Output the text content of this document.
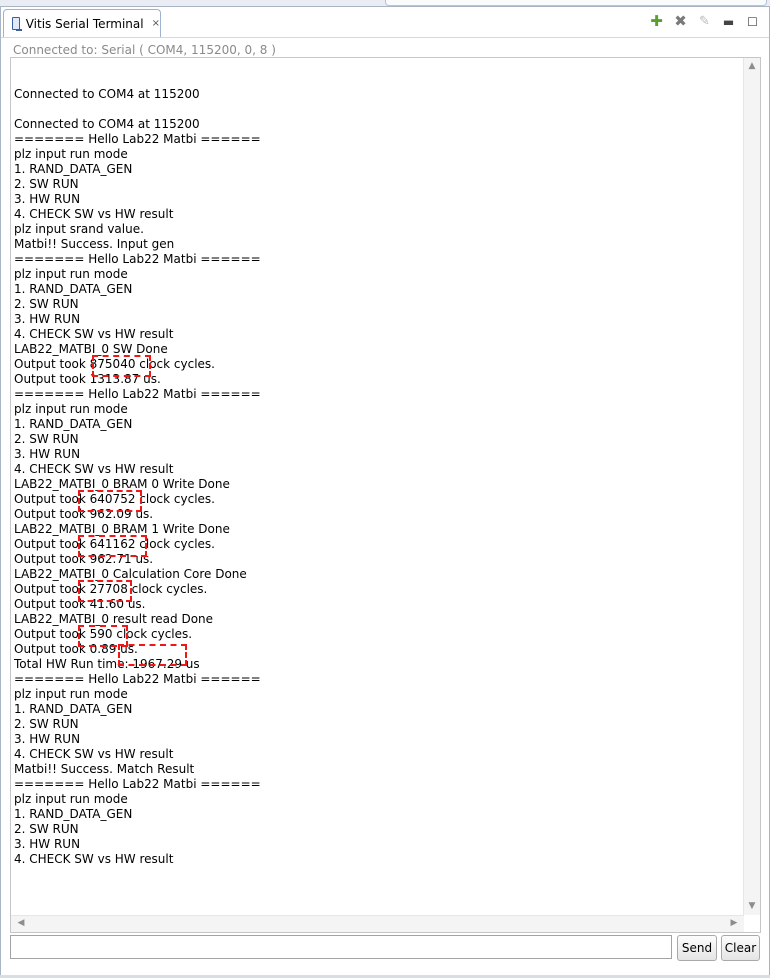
Vitis Serial Terminal ×	✚ ✖ ✎ ▬ ☐
Connected to: Serial ( COM4, 115200, 0, 8 )
Connected to COM4 at 115200
Connected to COM4 at 115200
======= Hello Lab22 Matbi ======
plz input run mode
1. RAND_DATA_GEN
2. SW RUN
3. HW RUN
4. CHECK SW vs HW result
plz input srand value.
Matbi!! Success. Input gen
======= Hello Lab22 Matbi ======
plz input run mode
1. RAND_DATA_GEN
2. SW RUN
3. HW RUN
4. CHECK SW vs HW result
LAB22_MATBI_0 SW Done
Output took 875040 clock cycles.
Output took 1313.87 us.
======= Hello Lab22 Matbi ======
plz input run mode
1. RAND_DATA_GEN
2. SW RUN
3. HW RUN
4. CHECK SW vs HW result
LAB22_MATBI_0 BRAM 0 Write Done
Output took 640752 clock cycles.
Output took 962.09 us.
LAB22_MATBI_0 BRAM 1 Write Done
Output took 641162 clock cycles.
Output took 962.71 us.
LAB22_MATBI_0 Calculation Core Done
Output took 27708 clock cycles.
Output took 41.60 us.
LAB22_MATBI_0 result read Done
Output took 590 clock cycles.
Output took 0.89 us.
Total HW Run time: 1967.29 us
======= Hello Lab22 Matbi ======
plz input run mode
1. RAND_DATA_GEN
2. SW RUN
3. HW RUN
4. CHECK SW vs HW result
Matbi!! Success. Match Result
======= Hello Lab22 Matbi ======
plz input run mode
1. RAND_DATA_GEN
2. SW RUN
3. HW RUN
4. CHECK SW vs HW result
▲
▼
◀	▶
Send	Clear
